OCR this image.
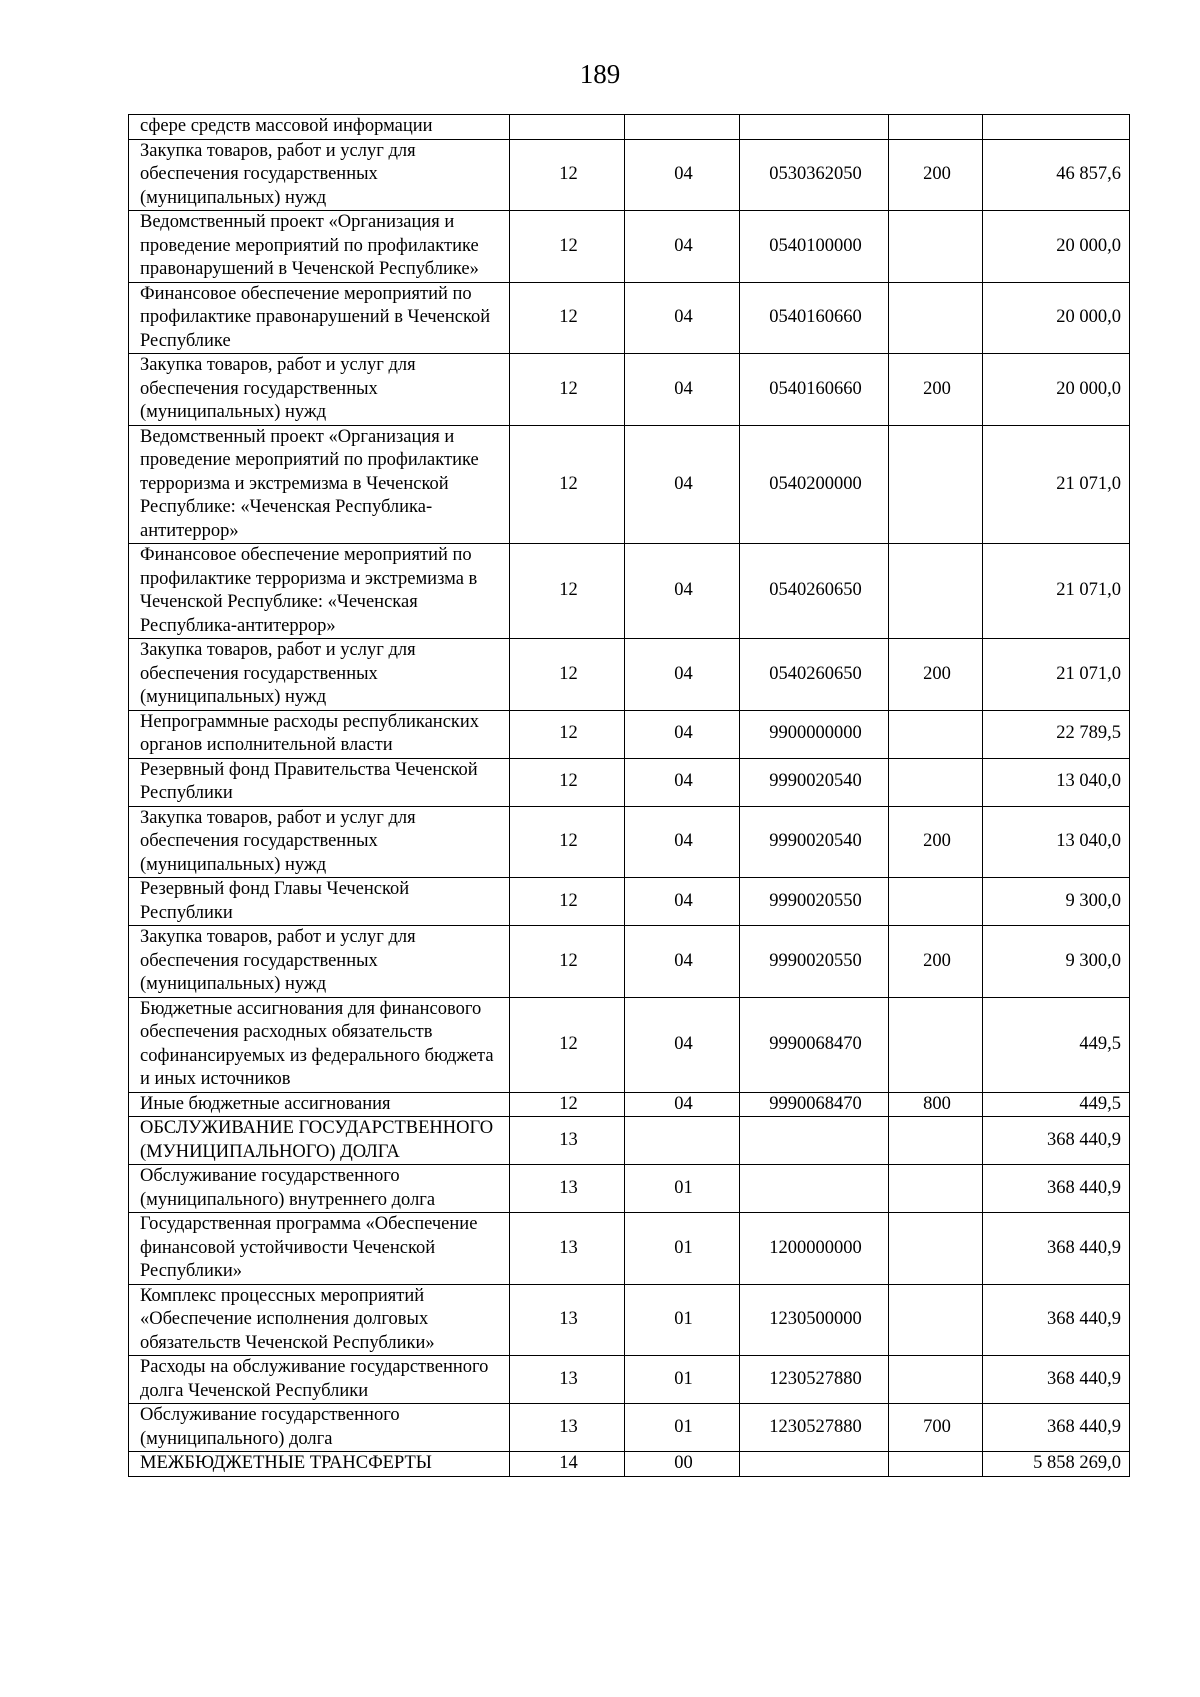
189
сфере средств массовой информации					
Закупка товаров, работ и услуг для обеспечения государственных (муниципальных) нужд	12	04	0530362050	200	46 857,6
Ведомственный проект «Организация и проведение мероприятий по профилактике правонарушений в Чеченской Республике»	12	04	0540100000		20 000,0
Финансовое обеспечение мероприятий по профилактике правонарушений в Чеченской Республике	12	04	0540160660		20 000,0
Закупка товаров, работ и услуг для обеспечения государственных (муниципальных) нужд	12	04	0540160660	200	20 000,0
Ведомственный проект «Организация и проведение мероприятий по профилактике терроризма и экстремизма в Чеченской Республике: «Чеченская Республика-антитеррор»	12	04	0540200000		21 071,0
Финансовое обеспечение мероприятий по профилактике терроризма и экстремизма в Чеченской Республике: «Чеченская Республика-антитеррор»	12	04	0540260650		21 071,0
Закупка товаров, работ и услуг для обеспечения государственных (муниципальных) нужд	12	04	0540260650	200	21 071,0
Непрограммные расходы республиканских органов исполнительной власти	12	04	9900000000		22 789,5
Резервный фонд Правительства Чеченской Республики	12	04	9990020540		13 040,0
Закупка товаров, работ и услуг для обеспечения государственных (муниципальных) нужд	12	04	9990020540	200	13 040,0
Резервный фонд Главы Чеченской Республики	12	04	9990020550		9 300,0
Закупка товаров, работ и услуг для обеспечения государственных (муниципальных) нужд	12	04	9990020550	200	9 300,0
Бюджетные ассигнования для финансового обеспечения расходных обязательств софинансируемых из федерального бюджета и иных источников	12	04	9990068470		449,5
Иные бюджетные ассигнования	12	04	9990068470	800	449,5
ОБСЛУЖИВАНИЕ ГОСУДАРСТВЕННОГО (МУНИЦИПАЛЬНОГО) ДОЛГА	13				368 440,9
Обслуживание государственного (муниципального) внутреннего долга	13	01			368 440,9
Государственная программа «Обеспечение финансовой устойчивости Чеченской Республики»	13	01	1200000000		368 440,9
Комплекс процессных мероприятий «Обеспечение исполнения долговых обязательств Чеченской Республики»	13	01	1230500000		368 440,9
Расходы на обслуживание государственного долга Чеченской Республики	13	01	1230527880		368 440,9
Обслуживание государственного (муниципального) долга	13	01	1230527880	700	368 440,9
МЕЖБЮДЖЕТНЫЕ ТРАНСФЕРТЫ	14	00			5 858 269,0
